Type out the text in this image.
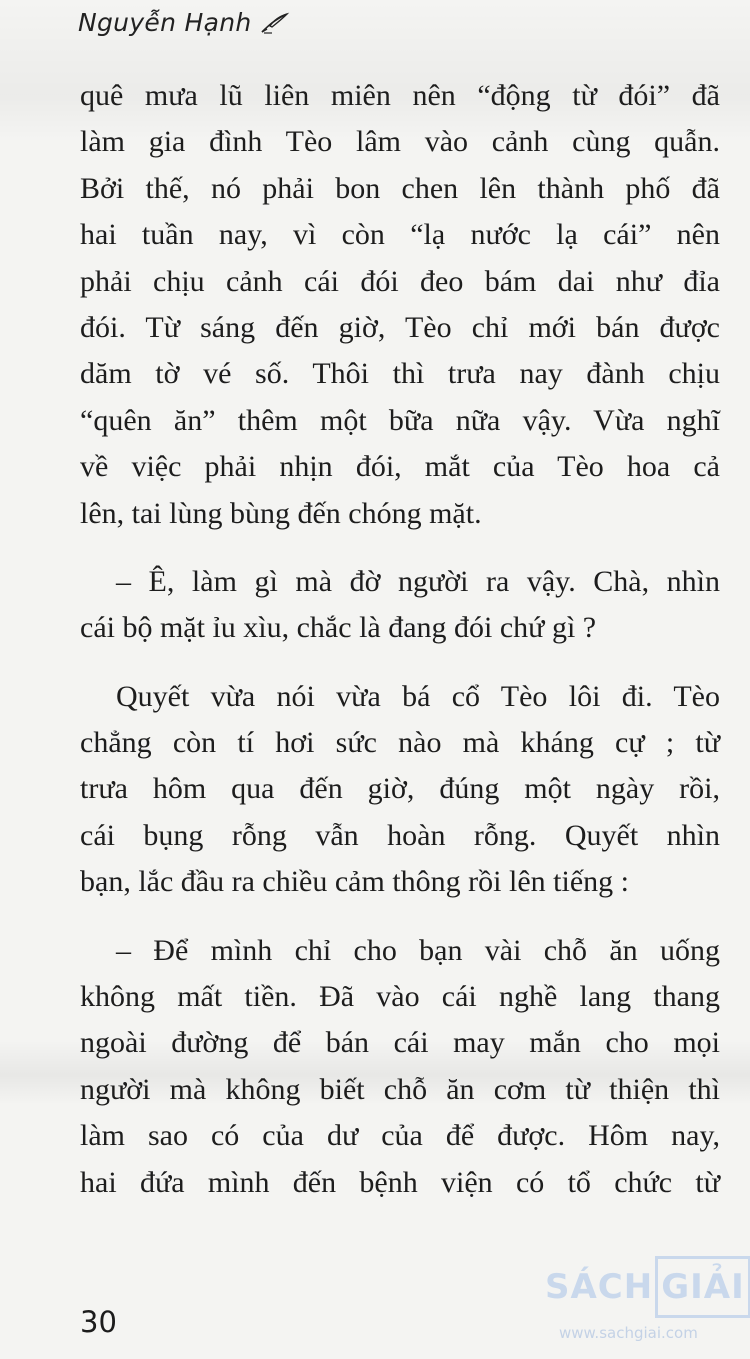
Nguyễn Hạnh
quê mưa lũ liên miên nên “động từ đói” đã
làm gia đình Tèo lâm vào cảnh cùng quẫn.
Bởi thế, nó phải bon chen lên thành phố đã
hai tuần nay, vì còn “lạ nước lạ cái” nên
phải chịu cảnh cái đói đeo bám dai như đỉa
đói. Từ sáng đến giờ, Tèo chỉ mới bán được
dăm tờ vé số. Thôi thì trưa nay đành chịu
“quên ăn” thêm một bữa nữa vậy. Vừa nghĩ
về việc phải nhịn đói, mắt của Tèo hoa cả
lên, tai lùng bùng đến chóng mặt.
– Ê, làm gì mà đờ người ra vậy. Chà, nhìn
cái bộ mặt ỉu xìu, chắc là đang đói chứ gì ?
Quyết vừa nói vừa bá cổ Tèo lôi đi. Tèo
chẳng còn tí hơi sức nào mà kháng cự ; từ
trưa hôm qua đến giờ, đúng một ngày rồi,
cái bụng rỗng vẫn hoàn rỗng. Quyết nhìn
bạn, lắc đầu ra chiều cảm thông rồi lên tiếng :
– Để mình chỉ cho bạn vài chỗ ăn uống
không mất tiền. Đã vào cái nghề lang thang
ngoài đường để bán cái may mắn cho mọi
người mà không biết chỗ ăn cơm từ thiện thì
làm sao có của dư của để được. Hôm nay,
hai đứa mình đến bệnh viện có tổ chức từ
30
SÁCH GIẢI
www.sachgiai.com
